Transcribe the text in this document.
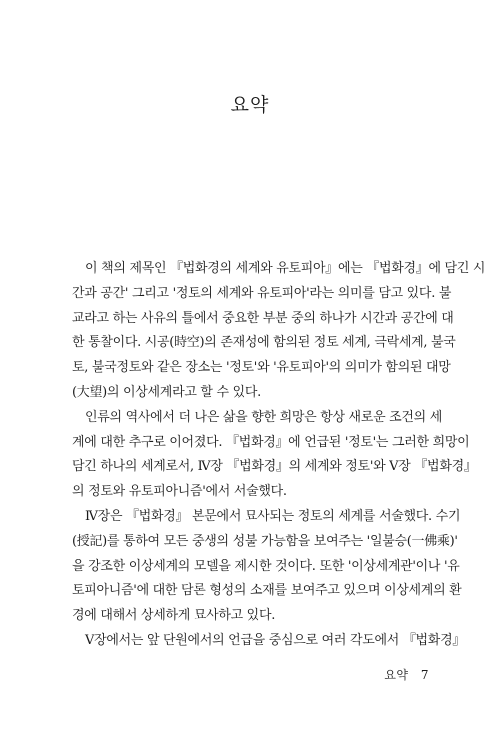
요약
이 책의 제목인 『법화경의 세계와 유토피아』에는 『법화경』에 담긴 시
간과 공간' 그리고 '정토의 세계와 유토피아'라는 의미를 담고 있다. 불
교라고 하는 사유의 틀에서 중요한 부분 중의 하나가 시간과 공간에 대
한 통찰이다. 시공(時空)의 존재성에 함의된 정토 세계, 극락세계, 불국
토, 불국정토와 같은 장소는 '정토'와 '유토피아'의 의미가 함의된 대망
(大望)의 이상세계라고 할 수 있다.
인류의 역사에서 더 나은 삶을 향한 희망은 항상 새로운 조건의 세
계에 대한 추구로 이어졌다. 『법화경』에 언급된 '정토'는 그러한 희망이
담긴 하나의 세계로서, Ⅳ장 『법화경』의 세계와 정토'와 Ⅴ장 『법화경』
의 정토와 유토피아니즘'에서 서술했다.
Ⅳ장은 『법화경』 본문에서 묘사되는 정토의 세계를 서술했다. 수기
(授記)를 통하여 모든 중생의 성불 가능함을 보여주는 '일불승(一佛乘)'
을 강조한 이상세계의 모델을 제시한 것이다. 또한 '이상세계관'이나 '유
토피아니즘'에 대한 담론 형성의 소재를 보여주고 있으며 이상세계의 환
경에 대해서 상세하게 묘사하고 있다.
Ⅴ장에서는 앞 단원에서의 언급을 중심으로 여러 각도에서 『법화경』
요약 7
